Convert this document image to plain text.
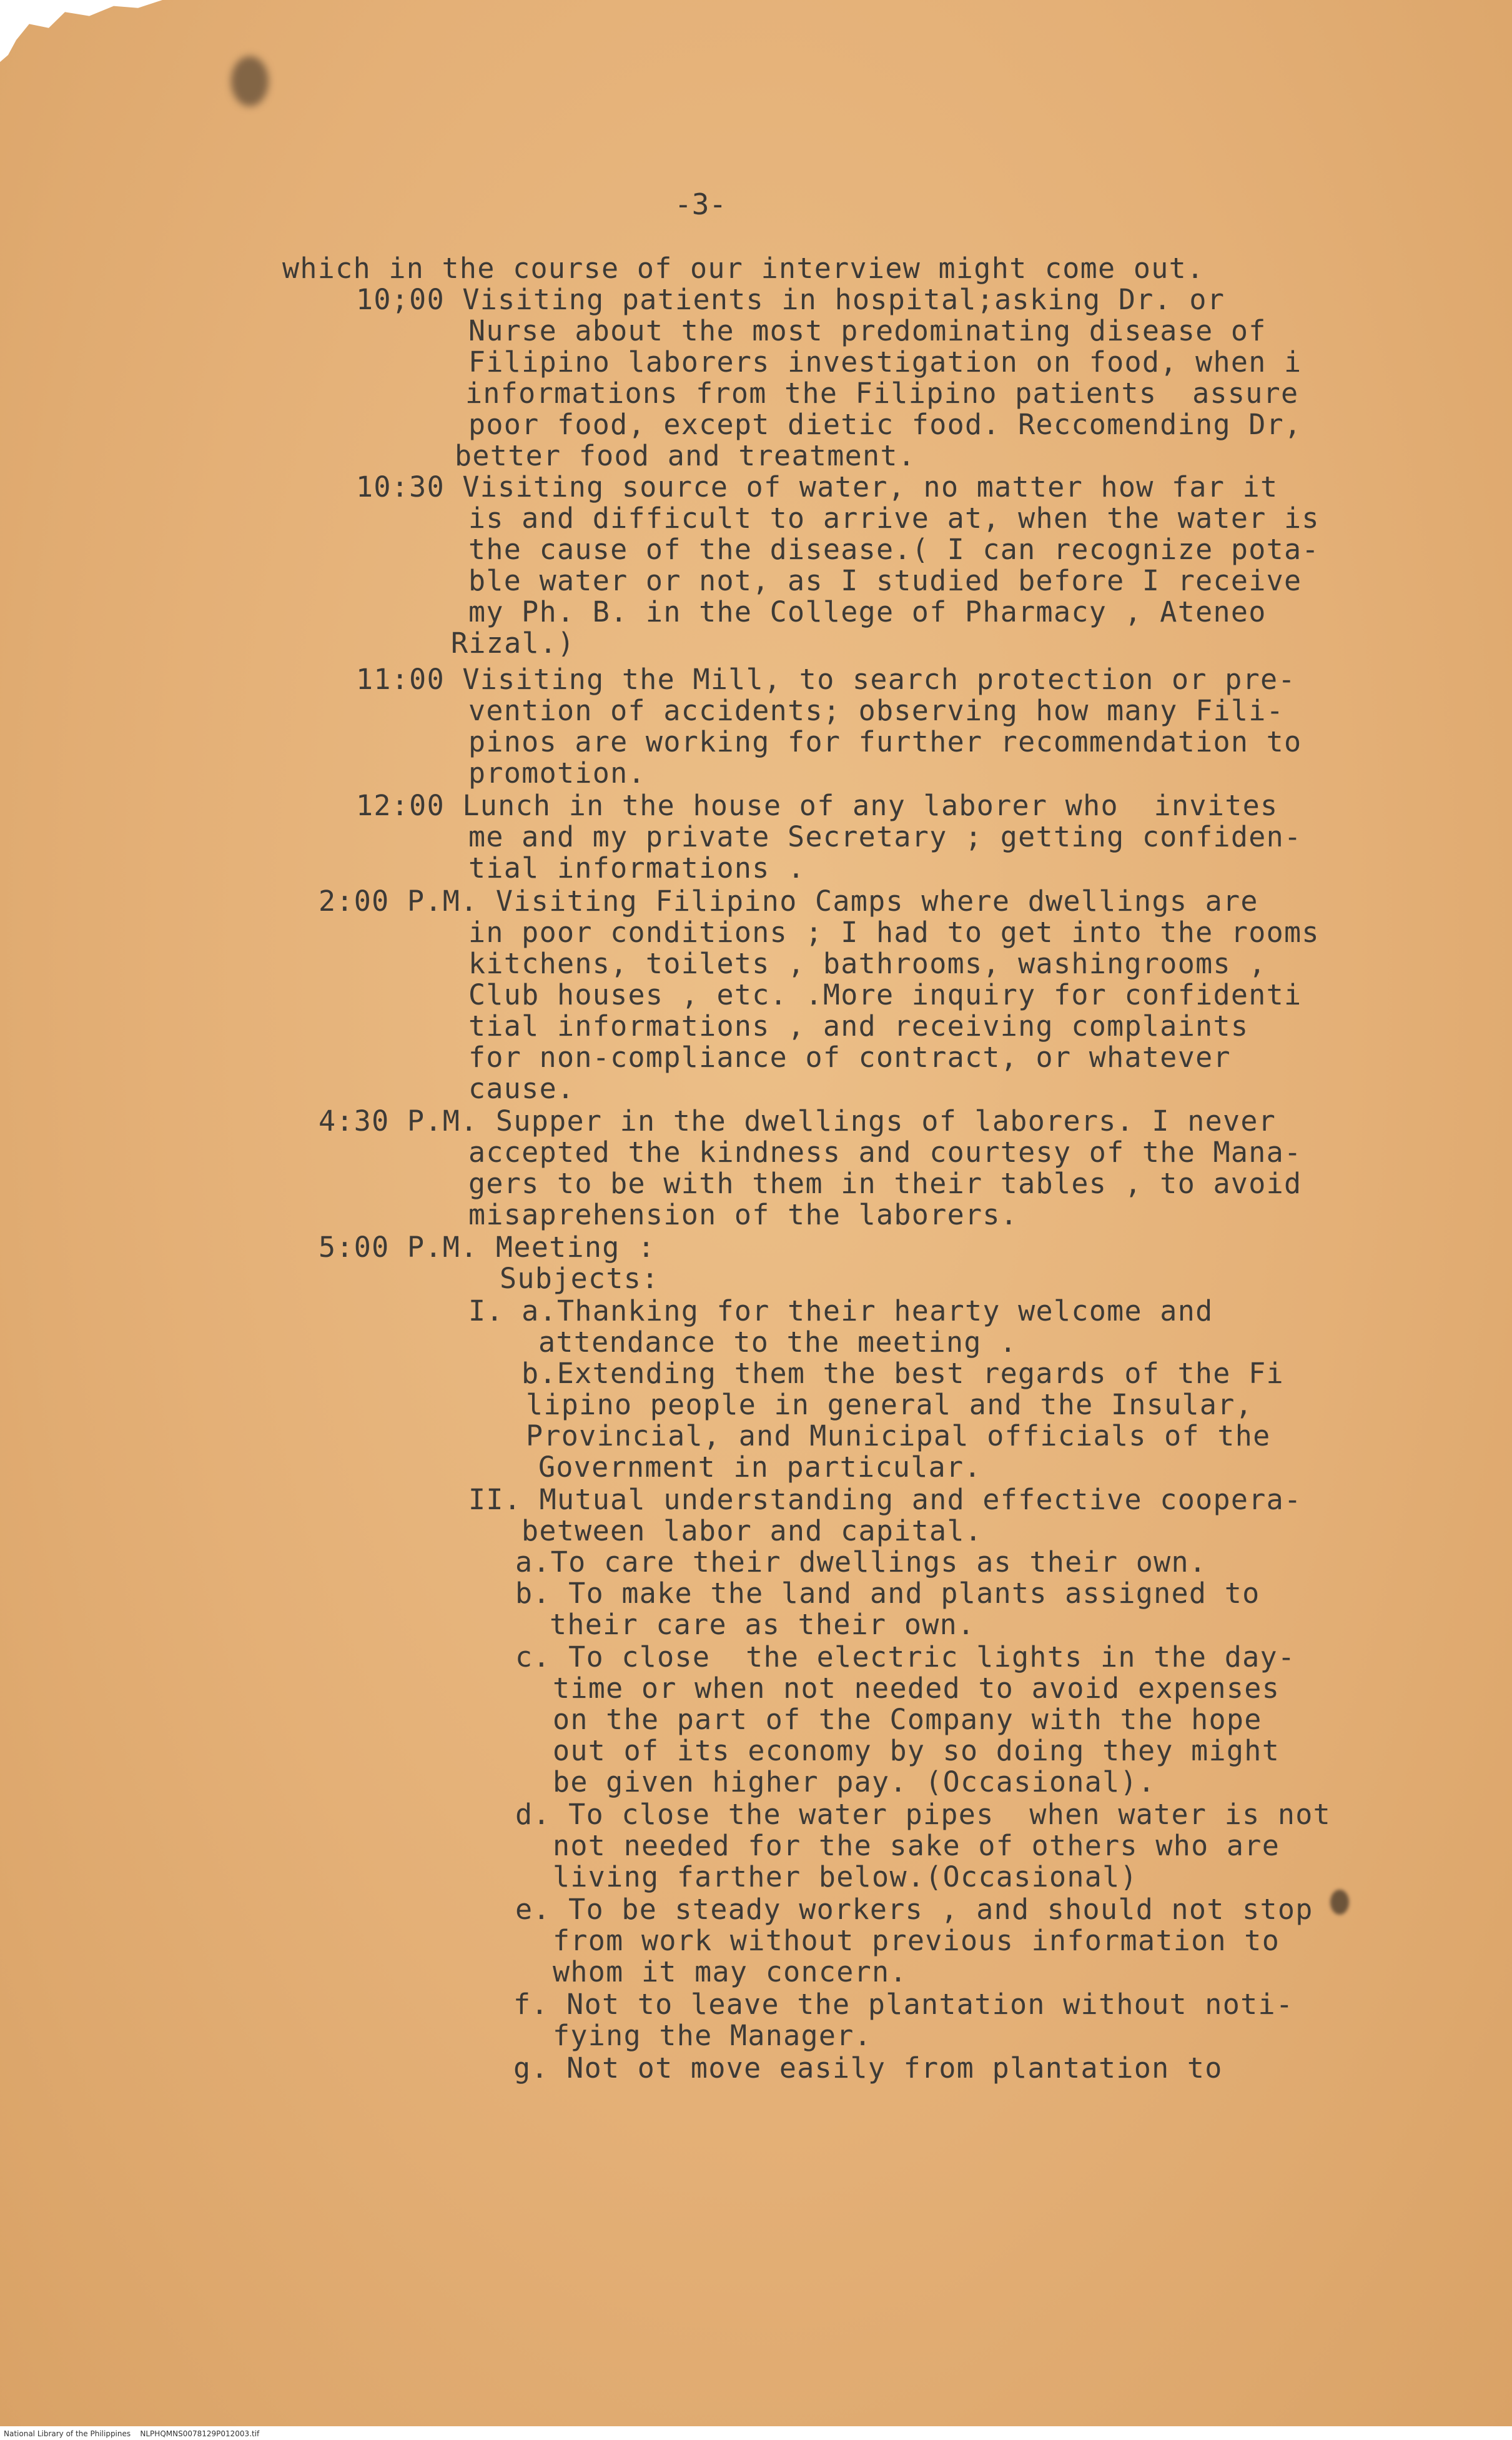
-3-
which in the course of our interview might come out.
10;00 Visiting patients in hospital;asking Dr. or
Nurse about the most predominating disease of
Filipino laborers investigation on food, when i
informations from the Filipino patients  assure
poor food, except dietic food. Reccomending Dr,
better food and treatment.
10:30 Visiting source of water, no matter how far it
is and difficult to arrive at, when the water is
the cause of the disease.( I can recognize pota-
ble water or not, as I studied before I receive
my Ph. B. in the College of Pharmacy , Ateneo
Rizal.)
11:00 Visiting the Mill, to search protection or pre-
vention of accidents; observing how many Fili-
pinos are working for further recommendation to
promotion.
12:00 Lunch in the house of any laborer who  invites
me and my private Secretary ; getting confiden-
tial informations .
2:00 P.M. Visiting Filipino Camps where dwellings are
in poor conditions ; I had to get into the rooms
kitchens, toilets , bathrooms, washingrooms ,
Club houses , etc. .More inquiry for confidenti
tial informations , and receiving complaints
for non-compliance of contract, or whatever
cause.
4:30 P.M. Supper in the dwellings of laborers. I never
accepted the kindness and courtesy of the Mana-
gers to be with them in their tables , to avoid
misaprehension of the laborers.
5:00 P.M. Meeting :
Subjects:
I. a.Thanking for their hearty welcome and
attendance to the meeting .
b.Extending them the best regards of the Fi
lipino people in general and the Insular,
Provincial, and Municipal officials of the
Government in particular.
II. Mutual understanding and effective coopera-
between labor and capital.
a.To care their dwellings as their own.
b. To make the land and plants assigned to
their care as their own.
c. To close  the electric lights in the day-
time or when not needed to avoid expenses
on the part of the Company with the hope
out of its economy by so doing they might
be given higher pay. (Occasional).
d. To close the water pipes  when water is not
not needed for the sake of others who are
living farther below.(Occasional)
e. To be steady workers , and should not stop
from work without previous information to
whom it may concern.
f. Not to leave the plantation without noti-
fying the Manager.
g. Not ot move easily from plantation to
National Library of the Philippines    NLPHQMNS0078129P012003.tif
